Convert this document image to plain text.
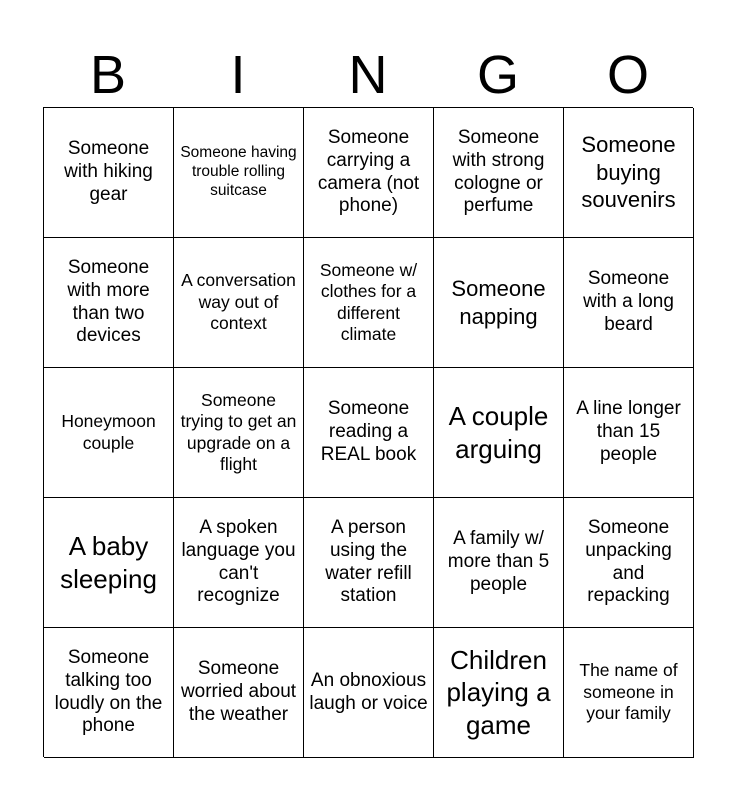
B	I	N	G	O
Someone with hiking gear
Someone having trouble rolling suitcase
Someone carrying a camera (not phone)
Someone with strong cologne or perfume
Someone buying souvenirs
Someone with more than two devices
A conversation way out of context
Someone w/ clothes for a different climate
Someone napping
Someone with a long beard
Honeymoon couple
Someone trying to get an upgrade on a flight
Someone reading a REAL book
A couple arguing
A line longer than 15 people
A baby sleeping
A spoken language you can't recognize
A person using the water refill station
A family w/ more than 5 people
Someone unpacking and repacking
Someone talking too loudly on the phone
Someone worried about the weather
An obnoxious laugh or voice
Children playing a game
The name of someone in your family
